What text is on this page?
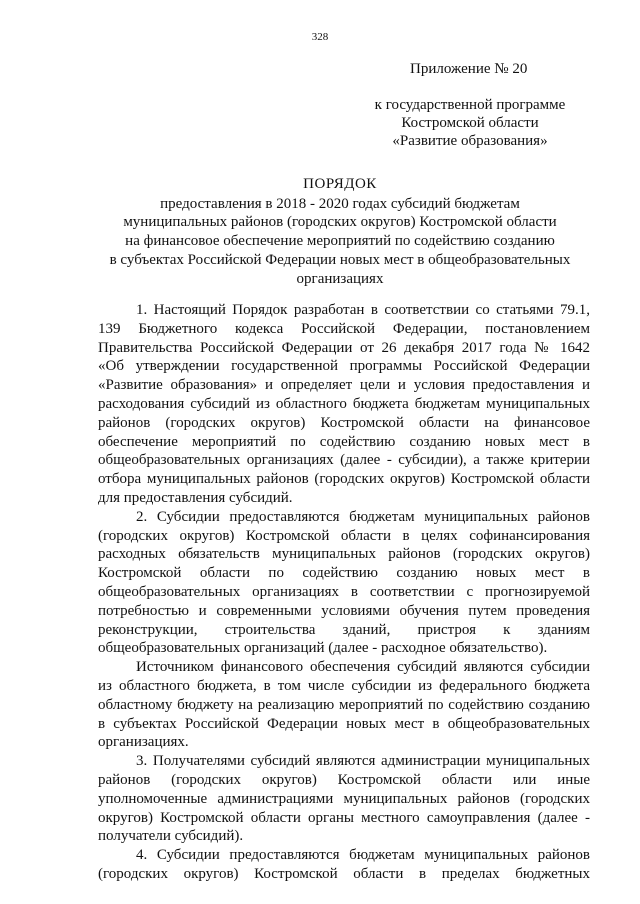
328
Приложение № 20
к государственной программе
Костромской области
«Развитие образования»
ПОРЯДОК
предоставления в 2018 - 2020 годах субсидий бюджетам
муниципальных районов (городских округов) Костромской области
на финансовое обеспечение мероприятий по содействию созданию
в субъектах Российской Федерации новых мест в общеобразовательных
организациях
1. Настоящий Порядок разработан в соответствии со статьями 79.1,
139 Бюджетного кодекса Российской Федерации, постановлением
Правительства Российской Федерации от 26 декабря 2017 года № 1642
«Об утверждении государственной программы Российской Федерации
«Развитие образования» и определяет цели и условия предоставления и
расходования субсидий из областного бюджета бюджетам муниципальных
районов (городских округов) Костромской области на финансовое
обеспечение мероприятий по содействию созданию новых мест в
общеобразовательных организациях (далее - субсидии), а также критерии
отбора муниципальных районов (городских округов) Костромской области
для предоставления субсидий.
2. Субсидии предоставляются бюджетам муниципальных районов
(городских округов) Костромской области в целях софинансирования
расходных обязательств муниципальных районов (городских округов)
Костромской области по содействию созданию новых мест в
общеобразовательных организациях в соответствии с прогнозируемой
потребностью и современными условиями обучения путем проведения
реконструкции, строительства зданий, пристроя к зданиям
общеобразовательных организаций (далее - расходное обязательство).
Источником финансового обеспечения субсидий являются субсидии
из областного бюджета, в том числе субсидии из федерального бюджета
областному бюджету на реализацию мероприятий по содействию созданию
в субъектах Российской Федерации новых мест в общеобразовательных
организациях.
3. Получателями субсидий являются администрации муниципальных
районов (городских округов) Костромской области или иные
уполномоченные администрациями муниципальных районов (городских
округов) Костромской области органы местного самоуправления (далее -
получатели субсидий).
4. Субсидии предоставляются бюджетам муниципальных районов
(городских округов) Костромской области в пределах бюджетных
